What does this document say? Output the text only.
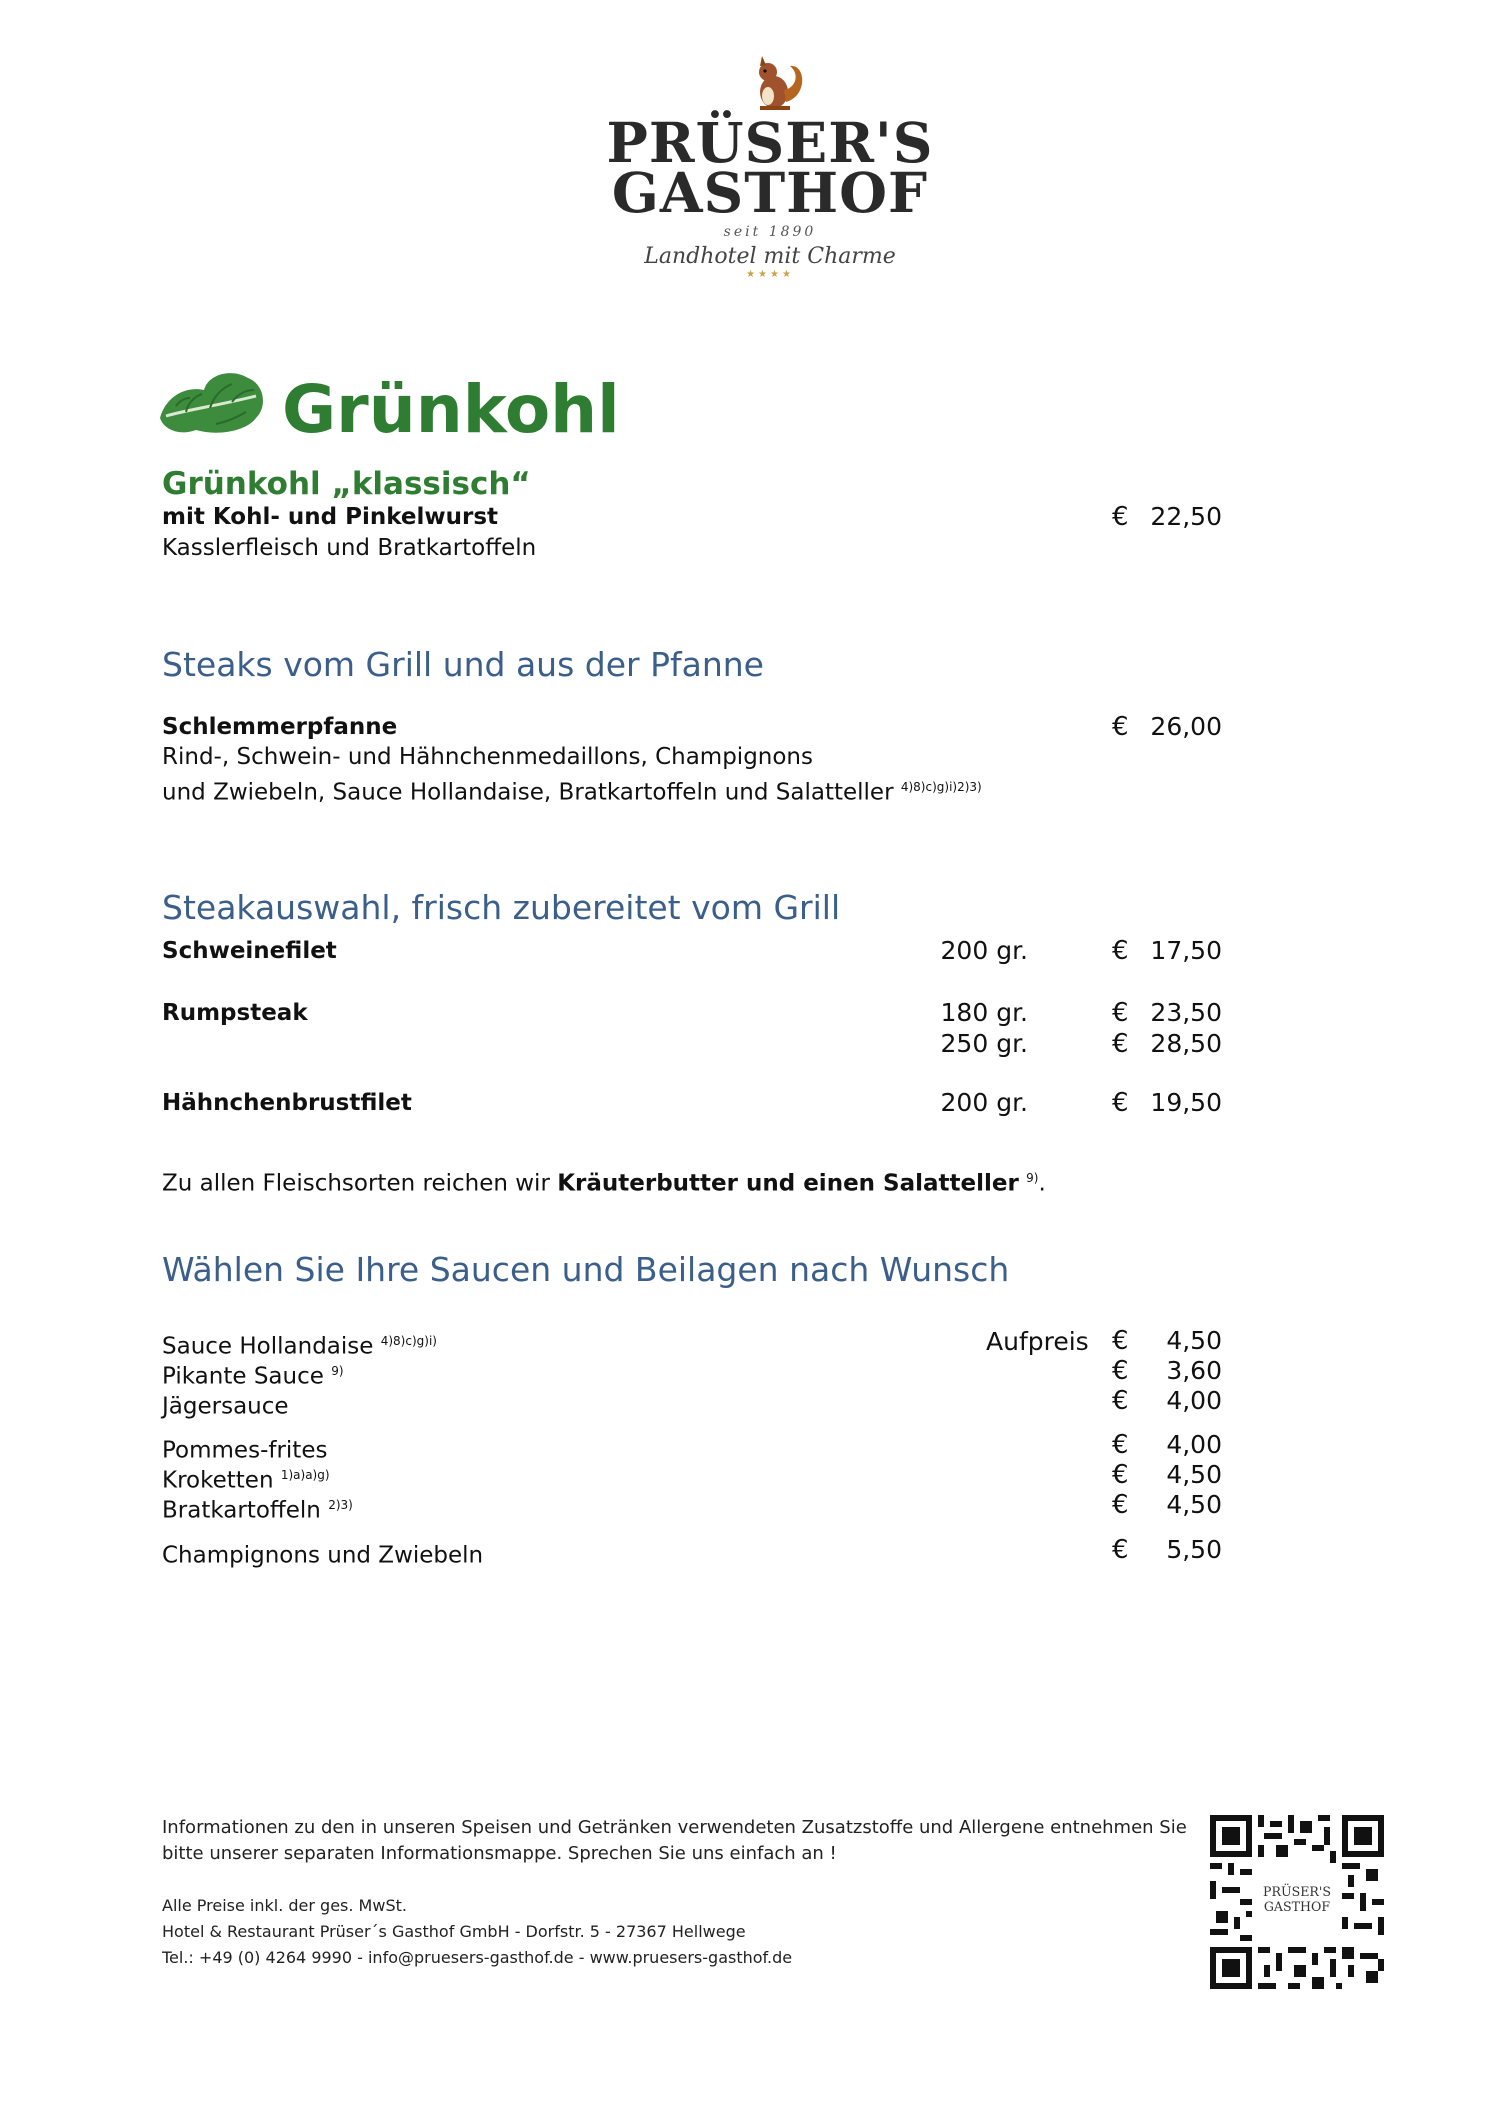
PRÜSER'S
GASTHOF
seit 1890
Landhotel mit Charme
★★★★
Grünkohl
Grünkohl „klassisch“
mit Kohl- und Pinkelwurst
Kasslerfleisch und Bratkartoffeln
€ 22,50
Steaks vom Grill und aus der Pfanne
Schlemmerpfanne
Rind-, Schwein- und Hähnchenmedaillons, Champignons
und Zwiebeln, Sauce Hollandaise, Bratkartoffeln und Salatteller $^{4)8)c)g)i)2)3)}$
€ 26,00
Steakauswahl, frisch zubereitet vom Grill
Schweinefilet	200 gr.	€ 17,50
Rumpsteak	180 gr.	€ 23,50
250 gr.	€ 28,50
Hähnchenbrustfilet	200 gr.	€ 19,50
Zu allen Fleischsorten reichen wir Kräuterbutter und einen Salatteller $^{9)}$.
Wählen Sie Ihre Saucen und Beilagen nach Wunsch
Aufpreis
Sauce Hollandaise $^{4)8)c)g)i)}$	€	4,50
Pikante Sauce $^{9)}$	€	3,60
Jägersauce	€	4,00
Pommes-frites	€	4,00
Kroketten $^{1)a)a)g)}$	€	4,50
Bratkartoffeln $^{2)3)}$	€	4,50
Champignons und Zwiebeln	€	5,50
Informationen zu den in unseren Speisen und Getränken verwendeten Zusatzstoffe und Allergene entnehmen Sie
bitte unserer separaten Informationsmappe. Sprechen Sie uns einfach an !
Alle Preise inkl. der ges. MwSt.
Hotel & Restaurant Prüser´s Gasthof GmbH - Dorfstr. 5 - 27367 Hellwege
Tel.: +49 (0) 4264 9990 - info@pruesers-gasthof.de - www.pruesers-gasthof.de
PRÜSER'S
GASTHOF
